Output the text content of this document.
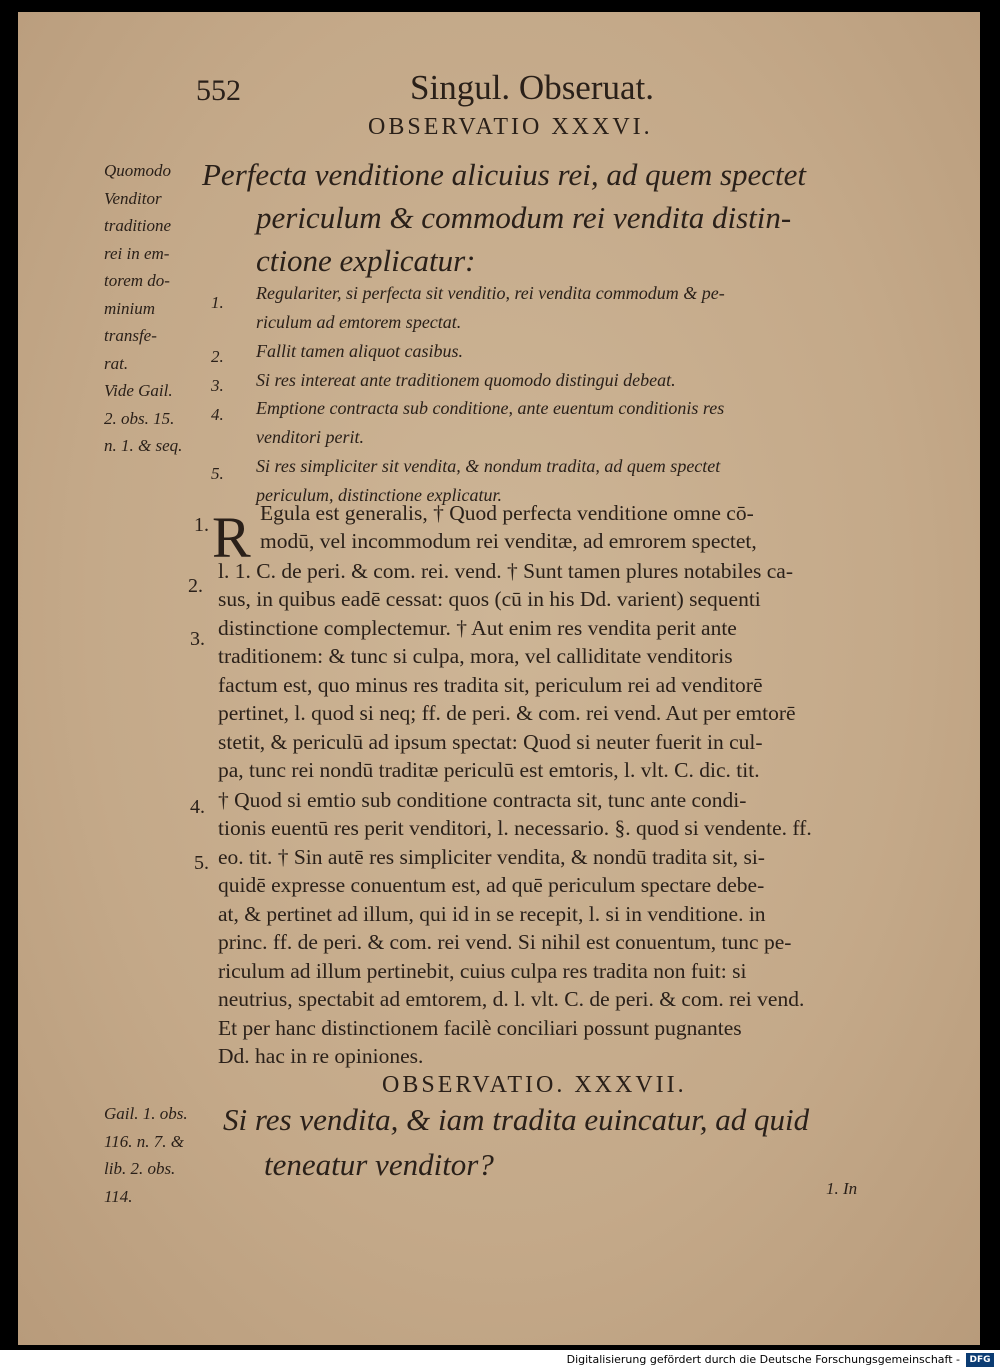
552	Singul. Obseruat.
OBSERVATIO XXXVI.
Quomodo
Venditor
traditione
rei in em-
torem do-
minium
transfe-
rat.
Vide Gail.
2. obs. 15.
n. 1. & seq.
Perfecta venditione alicuius rei, ad quem spectet
periculum & commodum rei vendita distin-
ctione explicatur:
1. Regulariter, si perfecta sit venditio, rei vendita commodum & pe-
riculum ad emtorem spectat.
2. Fallit tamen aliquot casibus.
3. Si res intereat ante traditionem quomodo distingui debeat.
4. Emptione contracta sub conditione, ante euentum conditionis res
venditori perit.
5. Si res simpliciter sit vendita, & nondum tradita, ad quem spectet
periculum, distinctione explicatur.
1.
2.
3.
4.
5.
R Egula est generalis, † Quod perfecta venditione omne cō-
modū, vel incommodum rei venditæ, ad emrorem spectet,
l. 1. C. de peri. & com. rei. vend. † Sunt tamen plures notabiles ca-
sus, in quibus eadē cessat: quos (cū in his Dd. varient) sequenti
distinctione complectemur. † Aut enim res vendita perit ante
traditionem: & tunc si culpa, mora, vel calliditate venditoris
factum est, quo minus res tradita sit, periculum rei ad venditorē
pertinet, l. quod si neq; ff. de peri. & com. rei vend. Aut per emtorē
stetit, & periculū ad ipsum spectat: Quod si neuter fuerit in cul-
pa, tunc rei nondū traditæ periculū est emtoris, l. vlt. C. dic. tit.
† Quod si emtio sub conditione contracta sit, tunc ante condi-
tionis euentū res perit venditori, l. necessario. §. quod si vendente. ff.
eo. tit. † Sin autē res simpliciter vendita, & nondū tradita sit, si-
quidē expresse conuentum est, ad quē periculum spectare debe-
at, & pertinet ad illum, qui id in se recepit, l. si in venditione. in
princ. ff. de peri. & com. rei vend. Si nihil est conuentum, tunc pe-
riculum ad illum pertinebit, cuius culpa res tradita non fuit: si
neutrius, spectabit ad emtorem, d. l. vlt. C. de peri. & com. rei vend.
Et per hanc distinctionem facilè conciliari possunt pugnantes
Dd. hac in re opiniones.
OBSERVATIO. XXXVII.
Gail. 1. obs.
116. n. 7. &
lib. 2. obs.
114.
Si res vendita, & iam tradita euincatur, ad quid
teneatur venditor?
1. In
Digitalisierung gefördert durch die Deutsche Forschungsgemeinschaft -	DFG
